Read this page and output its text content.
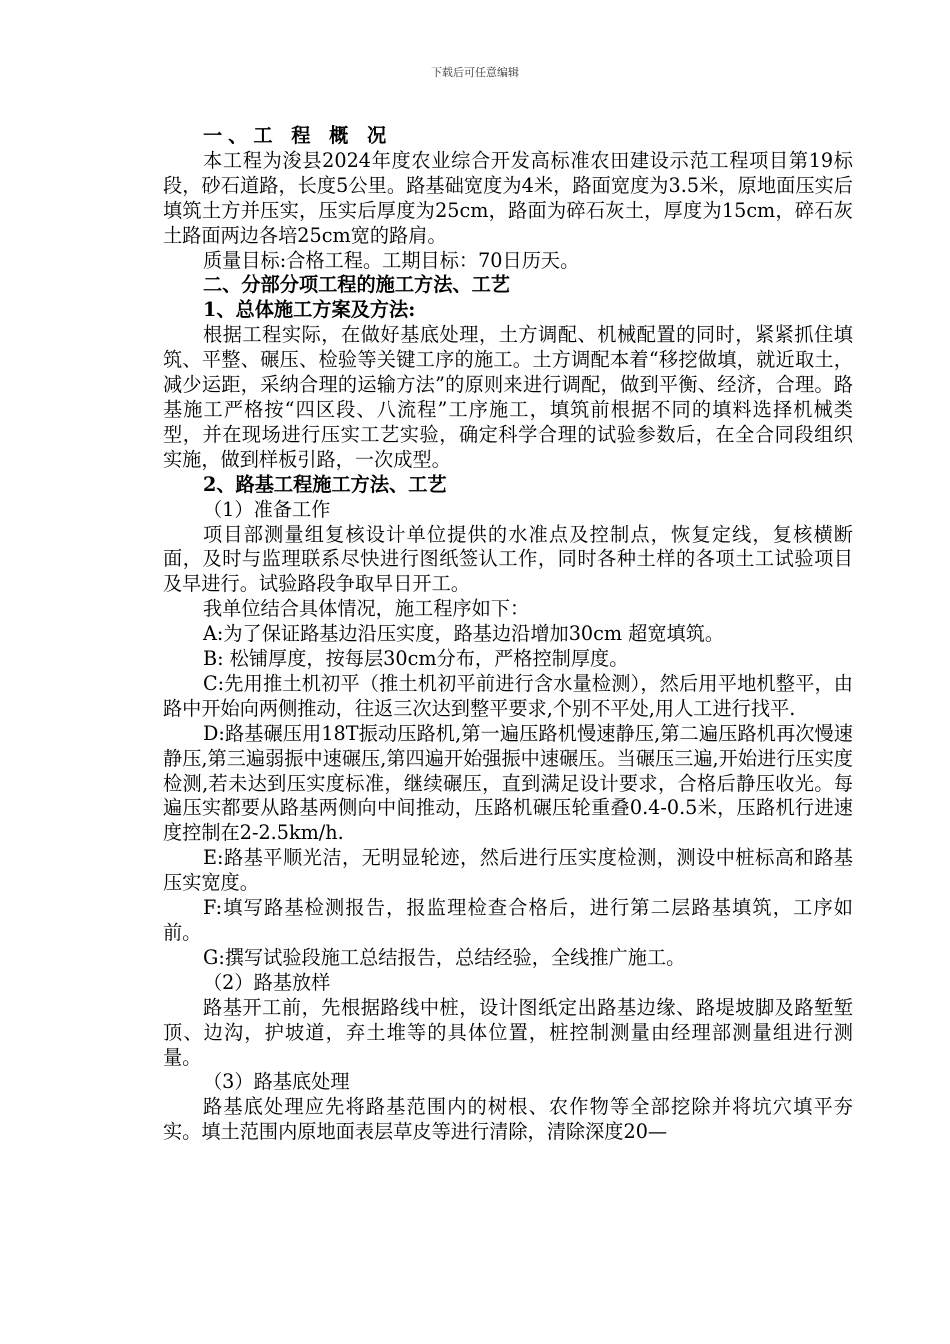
下载后可任意编辑

一、工 程 概 况

本工程为浚县2024年度农业综合开发高标准农田建设示范工程项目第19标段，砂石道路，长度5公里。路基础宽度为4米，路面宽度为3.5米，原地面压实后填筑土方并压实，压实后厚度为25cm，路面为碎石灰土，厚度为15cm，碎石灰土路面两边各培25cm宽的路肩。

质量目标:合格工程。工期目标：70日历天。

二、分部分项工程的施工方法、工艺

1、总体施工方案及方法:

根据工程实际，在做好基底处理，土方调配、机械配置的同时，紧紧抓住填筑、平整、碾压、检验等关键工序的施工。土方调配本着“移挖做填，就近取土，减少运距，采纳合理的运输方法”的原则来进行调配，做到平衡、经济，合理。路基施工严格按“四区段、八流程”工序施工，填筑前根据不同的填料选择机械类型，并在现场进行压实工艺实验，确定科学合理的试验参数后，在全合同段组织实施，做到样板引路，一次成型。

2、路基工程施工方法、工艺

（1）准备工作

项目部测量组复核设计单位提供的水准点及控制点，恢复定线，复核横断面，及时与监理联系尽快进行图纸签认工作，同时各种土样的各项土工试验项目及早进行。试验路段争取早日开工。

我单位结合具体情况，施工程序如下：

A:为了保证路基边沿压实度，路基边沿增加30cm 超宽填筑。

B: 松铺厚度，按每层30cm分布，严格控制厚度。

C:先用推土机初平（推土机初平前进行含水量检测），然后用平地机整平，由路中开始向两侧推动，往返三次达到整平要求,个别不平处,用人工进行找平.

D:路基碾压用18T振动压路机,第一遍压路机慢速静压,第二遍压路机再次慢速静压,第三遍弱振中速碾压,第四遍开始强振中速碾压。当碾压三遍,开始进行压实度检测,若未达到压实度标准，继续碾压，直到满足设计要求，合格后静压收光。每遍压实都要从路基两侧向中间推动，压路机碾压轮重叠0.4-0.5米，压路机行进速度控制在2-2.5km/h.

E:路基平顺光洁，无明显轮迹，然后进行压实度检测，测设中桩标高和路基压实宽度。

F:填写路基检测报告，报监理检查合格后，进行第二层路基填筑，工序如前。

G:撰写试验段施工总结报告，总结经验，全线推广施工。

（2）路基放样

路基开工前，先根据路线中桩，设计图纸定出路基边缘、路堤坡脚及路堑堑顶、边沟，护坡道，弃土堆等的具体位置，桩控制测量由经理部测量组进行测量。

（3）路基底处理

路基底处理应先将路基范围内的树根、农作物等全部挖除并将坑穴填平夯实。填土范围内原地面表层草皮等进行清除，清除深度20—
